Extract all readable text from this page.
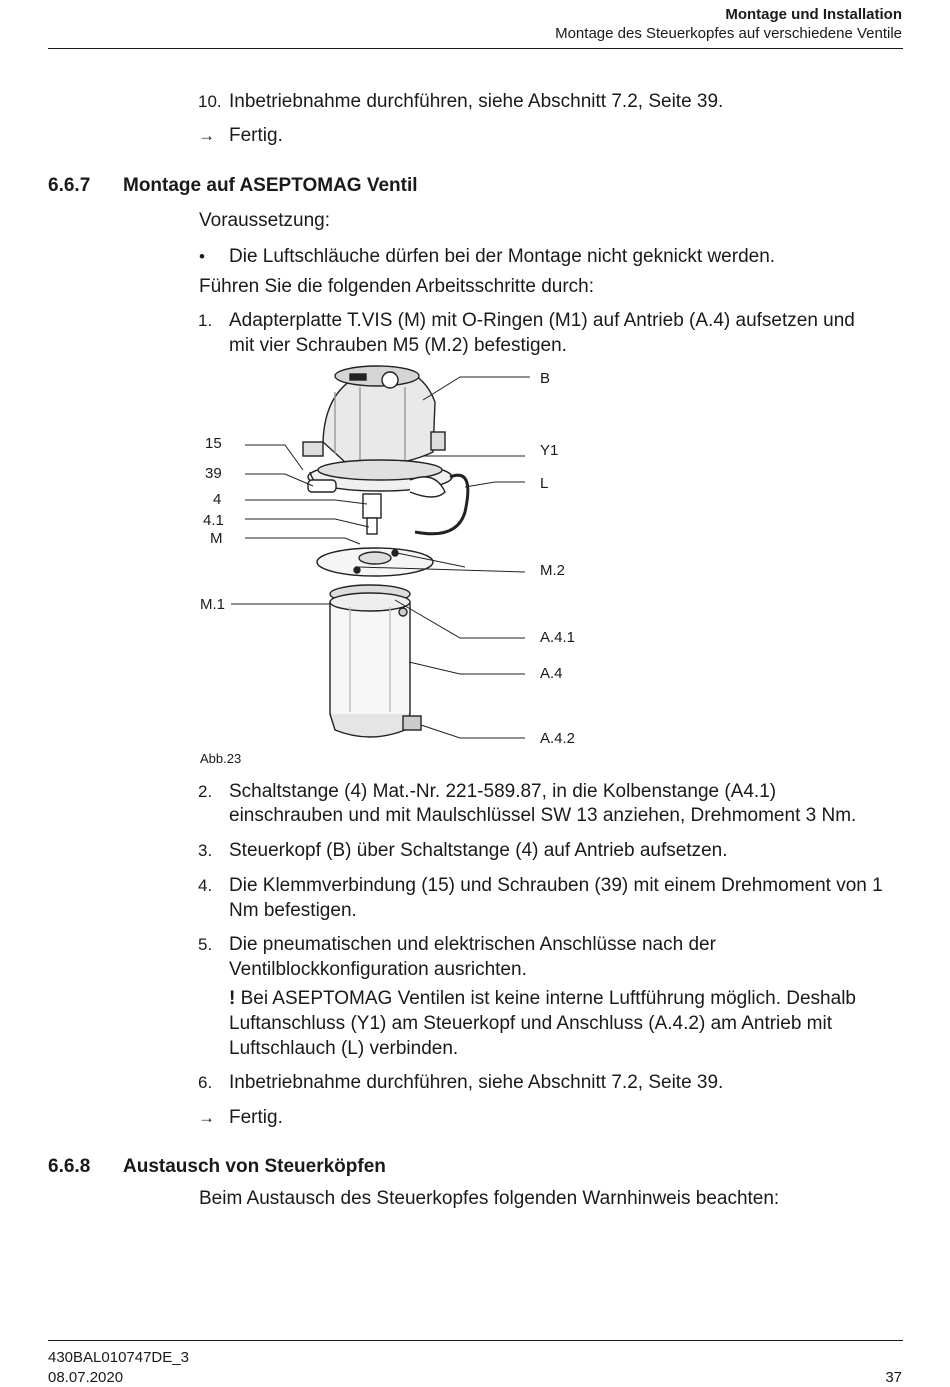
Montage und Installation
Montage des Steuerkopfes auf verschiedene Ventile
10. Inbetriebnahme durchführen, siehe Abschnitt 7.2, Seite 39.
→ Fertig.
6.6.7 Montage auf ASEPTOMAG Ventil
Voraussetzung:
• Die Luftschläuche dürfen bei der Montage nicht geknickt werden.
Führen Sie die folgenden Arbeitsschritte durch:
1. Adapterplatte T.VIS (M) mit O-Ringen (M1) auf Antrieb (A.4) aufsetzen und
mit vier Schrauben M5 (M.2) befestigen.
B
Y1
L
15
39
4
4.1
M
M.2
M.1
A.4.1
A.4
A.4.2
Abb.23
2. Schaltstange (4) Mat.-Nr. 221-589.87, in die Kolbenstange (A4.1)
einschrauben und mit Maulschlüssel SW 13 anziehen, Drehmoment 3 Nm.
3. Steuerkopf (B) über Schaltstange (4) auf Antrieb aufsetzen.
4. Die Klemmverbindung (15) und Schrauben (39) mit einem Drehmoment von 1
Nm befestigen.
5. Die pneumatischen und elektrischen Anschlüsse nach der
Ventilblockkonfiguration ausrichten.
! Bei ASEPTOMAG Ventilen ist keine interne Luftführung möglich. Deshalb
Luftanschluss (Y1) am Steuerkopf und Anschluss (A.4.2) am Antrieb mit
Luftschlauch (L) verbinden.
6. Inbetriebnahme durchführen, siehe Abschnitt 7.2, Seite 39.
→ Fertig.
6.6.8 Austausch von Steuerköpfen
Beim Austausch des Steuerkopfes folgenden Warnhinweis beachten:
430BAL010747DE_3
08.07.2020	37
